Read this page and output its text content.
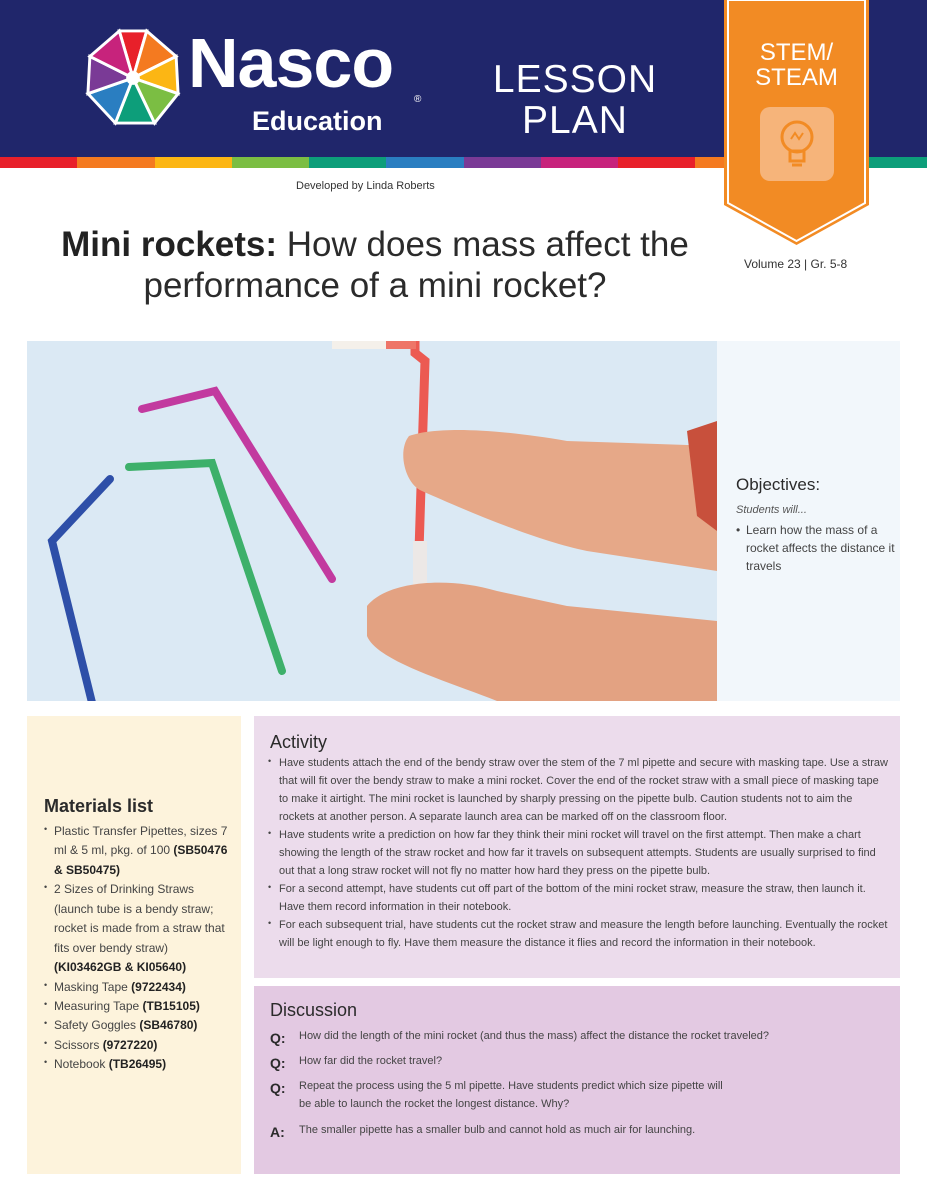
Nasco ®
Education
LESSON
PLAN
STEM/
STEAM
Developed by Linda Roberts
Mini rockets: How does mass affect the performance of a mini rocket?
Volume 23 | Gr. 5-8
Objectives:
Students will...
• Learn how the mass of a rocket affects the distance it travels
Materials list
• Plastic Transfer Pipettes, sizes 7 ml & 5 ml, pkg. of 100 (SB50476 & SB50475)
• 2 Sizes of Drinking Straws (launch tube is a bendy straw; rocket is made from a straw that fits over bendy straw) (KI03462GB & KI05640)
• Masking Tape (9722434)
• Measuring Tape (TB15105)
• Safety Goggles (SB46780)
• Scissors (9727220)
• Notebook (TB26495)
Activity
• Have students attach the end of the bendy straw over the stem of the 7 ml pipette and secure with masking tape. Use a straw that will fit over the bendy straw to make a mini rocket. Cover the end of the rocket straw with a small piece of masking tape to make it airtight. The mini rocket is launched by sharply pressing on the pipette bulb. Caution students not to aim the rockets at another person. A separate launch area can be marked off on the classroom floor.
• Have students write a prediction on how far they think their mini rocket will travel on the first attempt. Then make a chart showing the length of the straw rocket and how far it travels on subsequent attempts. Students are usually surprised to find out that a long straw rocket will not fly no matter how hard they press on the pipette bulb.
• For a second attempt, have students cut off part of the bottom of the mini rocket straw, measure the straw, then launch it. Have them record information in their notebook.
• For each subsequent trial, have students cut the rocket straw and measure the length before launching. Eventually the rocket will be light enough to fly. Have them measure the distance it flies and record the information in their notebook.
Discussion
Q: How did the length of the mini rocket (and thus the mass) affect the distance the rocket traveled?
Q: How far did the rocket travel?
Q: Repeat the process using the 5 ml pipette. Have students predict which size pipette will be able to launch the rocket the longest distance. Why?
A: The smaller pipette has a smaller bulb and cannot hold as much air for launching.
